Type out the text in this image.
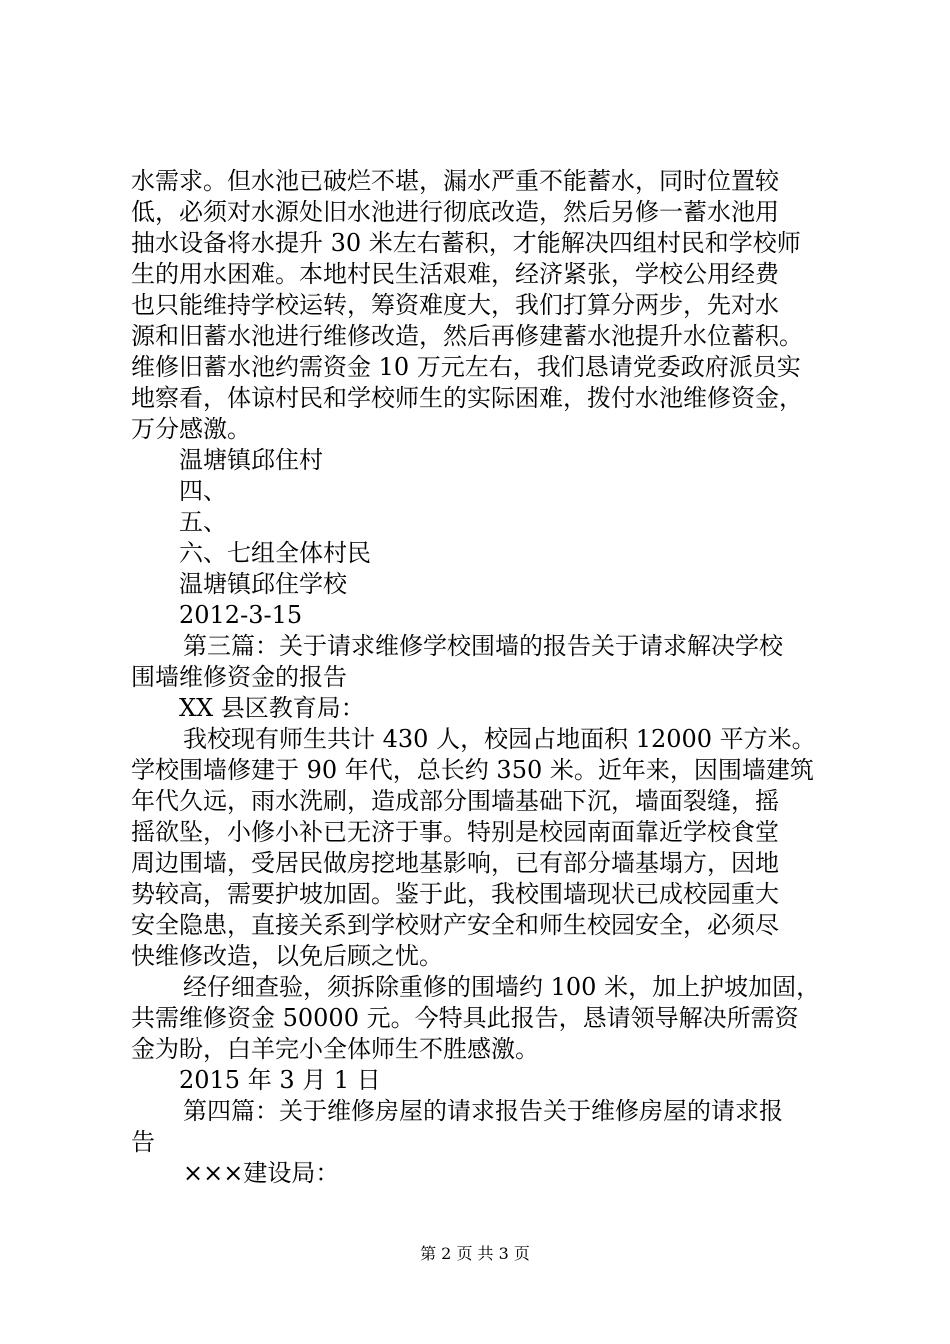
水需求。但水池已破烂不堪，漏水严重不能蓄水，同时位置较

低，必须对水源处旧水池进行彻底改造，然后另修一蓄水池用

抽水设备将水提升 30 米左右蓄积，才能解决四组村民和学校师

生的用水困难。本地村民生活艰难，经济紧张，学校公用经费

也只能维持学校运转，筹资难度大，我们打算分两步，先对水

源和旧蓄水池进行维修改造，然后再修建蓄水池提升水位蓄积。

维修旧蓄水池约需资金 10 万元左右，我们恳请党委政府派员实

地察看，体谅村民和学校师生的实际困难，拨付水池维修资金，

万分感激。

温塘镇邱住村

四、

五、

六、七组全体村民

温塘镇邱住学校

2012-3-15

第三篇：关于请求维修学校围墙的报告关于请求解决学校

围墙维修资金的报告

XX 县区教育局：

我校现有师生共计 430 人，校园占地面积 12000 平方米。

学校围墙修建于 90 年代，总长约 350 米。近年来，因围墙建筑

年代久远，雨水洗刷，造成部分围墙基础下沉，墙面裂缝，摇

摇欲坠，小修小补已无济于事。特别是校园南面靠近学校食堂

周边围墙，受居民做房挖地基影响，已有部分墙基塌方，因地

势较高，需要护坡加固。鉴于此，我校围墙现状已成校园重大

安全隐患，直接关系到学校财产安全和师生校园安全，必须尽

快维修改造，以免后顾之忧。

经仔细查验，须拆除重修的围墙约 100 米，加上护坡加固，

共需维修资金 50000 元。今特具此报告，恳请领导解决所需资

金为盼，白羊完小全体师生不胜感激。

2015 年 3 月 1 日

第四篇：关于维修房屋的请求报告关于维修房屋的请求报

告

×××建设局：

第 2 页 共 3 页
